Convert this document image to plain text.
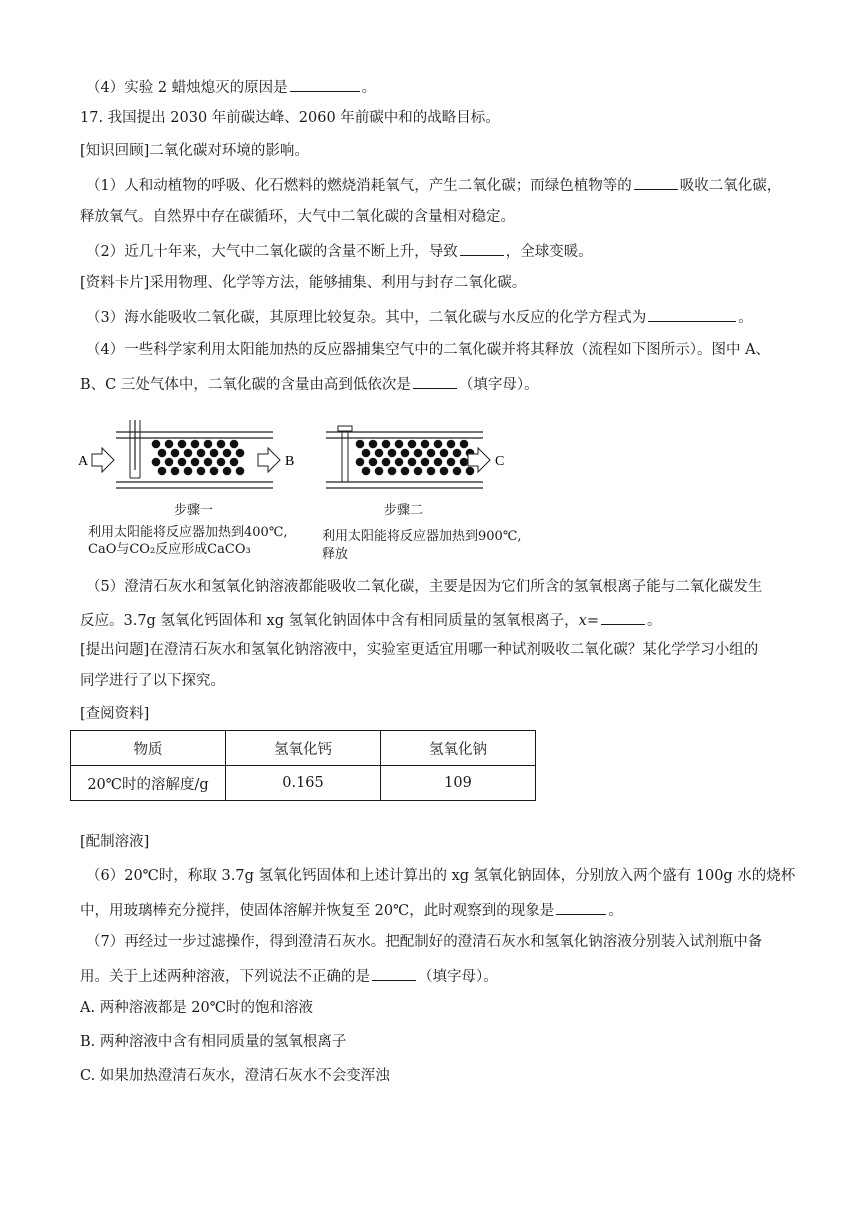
（4）实验 2 蜡烛熄灭的原因是	。
17. 我国提出 2030 年前碳达峰、2060 年前碳中和的战略目标。
[知识回顾]二氧化碳对环境的影响。
（1）人和动植物的呼吸、化石燃料的燃烧消耗氧气，产生二氧化碳；而绿色植物等的	吸收二氧化碳，
释放氧气。自然界中存在碳循环，大气中二氧化碳的含量相对稳定。
（2）近几十年来，大气中二氧化碳的含量不断上升，导致	，全球变暖。
[资料卡片]采用物理、化学等方法，能够捕集、利用与封存二氧化碳。
（3）海水能吸收二氧化碳，其原理比较复杂。其中，二氧化碳与水反应的化学方程式为	。
（4）一些科学家利用太阳能加热的反应器捕集空气中的二氧化碳并将其释放（流程如下图所示）。图中 A、
B、C 三处气体中，二氧化碳的含量由高到低依次是	（填字母）。
A	B	C
步骤一	步骤二
利用太阳能将反应器加热到400℃,
CaO与CO₂反应形成CaCO₃
利用太阳能将反应器加热到900℃,
释放
（5）澄清石灰水和氢氧化钠溶液都能吸收二氧化碳，主要是因为它们所含的氢氧根离子能与二氧化碳发生
反应。3.7g 氢氧化钙固体和 xg 氢氧化钠固体中含有相同质量的氢氧根离子，x=	。
[提出问题]在澄清石灰水和氢氧化钠溶液中，实验室更适宜用哪一种试剂吸收二氧化碳？某化学学习小组的
同学进行了以下探究。
[查阅资料]
物质	氢氧化钙	氢氧化钠
20℃时的溶解度/g	0.165	109
[配制溶液]
（6）20℃时，称取 3.7g 氢氧化钙固体和上述计算出的 xg 氢氧化钠固体，分别放入两个盛有 100g 水的烧杯
中，用玻璃棒充分搅拌，使固体溶解并恢复至 20℃，此时观察到的现象是	。
（7）再经过一步过滤操作，得到澄清石灰水。把配制好的澄清石灰水和氢氧化钠溶液分别装入试剂瓶中备
用。关于上述两种溶液，下列说法不正确的是	（填字母）。
A. 两种溶液都是 20℃时的饱和溶液
B. 两种溶液中含有相同质量的氢氧根离子
C. 如果加热澄清石灰水，澄清石灰水不会变浑浊
